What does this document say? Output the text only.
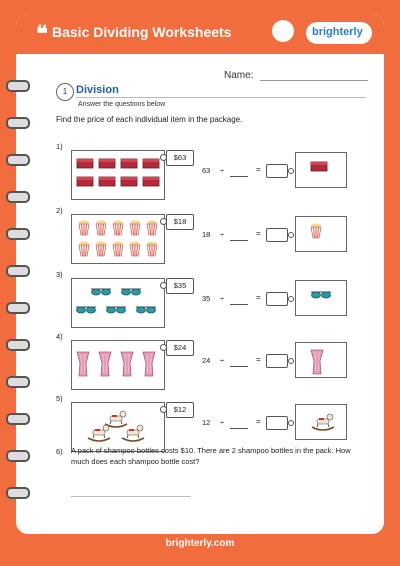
❝ Basic Dividing Worksheets	brighterly
Name:
1 Division
Answer the questions below
Find the price of each individual item in the package.
1)
$63
63 ÷	=
2)
$18
18 ÷	=
3)
$35
35 ÷	=
4)
$24
24 ÷	=
5)
$12
12 ÷	=
6) A pack of shampoo bottles costs $10. There are 2 shampoo bottles in the pack. How much does each shampoo bottle cost?
brighterly.com
